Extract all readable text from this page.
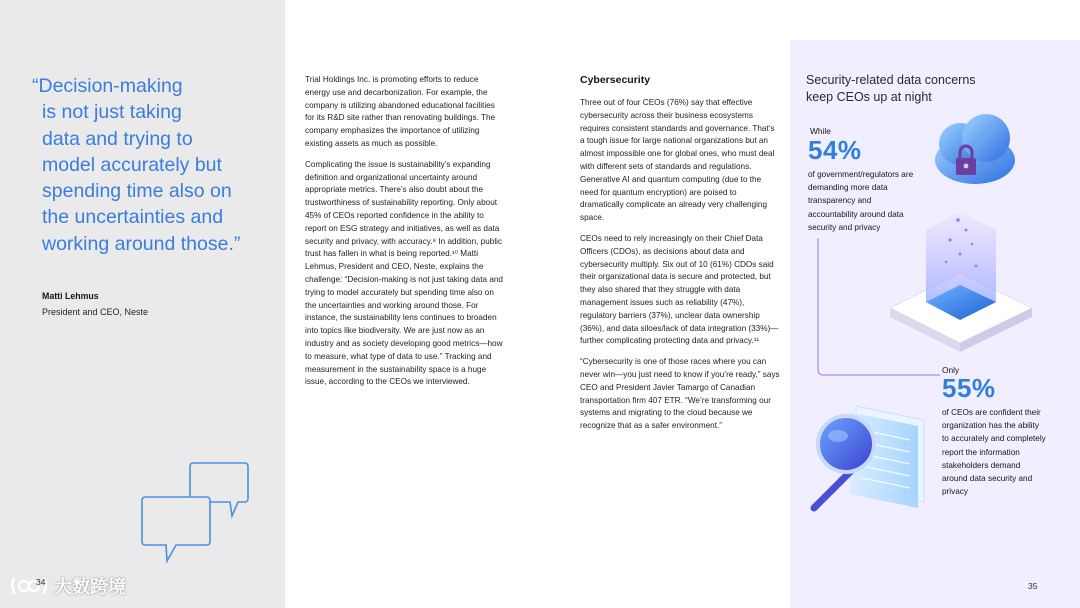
“Decision-making
is not just taking
data and trying to
model accurately but
spending time also on
the uncertainties and
working around those.”
Matti Lehmus
President and CEO, Neste
大数跨境
34

Trial Holdings Inc. is promoting efforts to reduce energy use and decarbonization. For example, the company is utilizing abandoned educational facilities for its R&D site rather than renovating buildings. The company emphasizes the importance of utilizing existing assets as much as possible.

Complicating the issue is sustainability’s expanding definition and organizational uncertainty around appropriate metrics. There’s also doubt about the trustworthiness of sustainability reporting. Only about 45% of CEOs reported confidence in the ability to report on ESG strategy and initiatives, as well as data security and privacy, with accuracy.⁹ In addition, public trust has fallen in what is being reported.¹⁰ Matti Lehmus, President and CEO, Neste, explains the challenge: “Decision-making is not just taking data and trying to model accurately but spending time also on the uncertainties and working around those. For instance, the sustainability lens continues to broaden into topics like biodiversity. We are just now as an industry and as society developing good metrics—how to measure, what type of data to use.” Tracking and measurement in the sustainability space is a huge issue, according to the CEOs we interviewed.

Cybersecurity

Three out of four CEOs (76%) say that effective cybersecurity across their business ecosystems requires consistent standards and governance. That’s a tough issue for large national organizations but an almost impossible one for global ones, who must deal with different sets of standards and regulations. Generative AI and quantum computing (due to the need for quantum encryption) are poised to dramatically complicate an already very challenging space.

CEOs need to rely increasingly on their Chief Data Officers (CDOs), as decisions about data and cybersecurity multiply. Six out of 10 (61%) CDOs said their organizational data is secure and protected, but they also shared that they struggle with data management issues such as reliability (47%), regulatory barriers (37%), unclear data ownership (36%), and data siloes/lack of data integration (33%)—further complicating protecting data and privacy.¹¹

“Cybersecurity is one of those races where you can never win—you just need to know if you’re ready,” says CEO and President Javier Tamargo of Canadian transportation firm 407 ETR. “We’re transforming our systems and migrating to the cloud because we recognize that as a safer environment.”

Security-related data concerns keep CEOs up at night
While
54%
of government/regulators are demanding more data transparency and accountability around data security and privacy
Only
55%
of CEOs are confident their organization has the ability to accurately and completely report the information stakeholders demand around data security and privacy
35
